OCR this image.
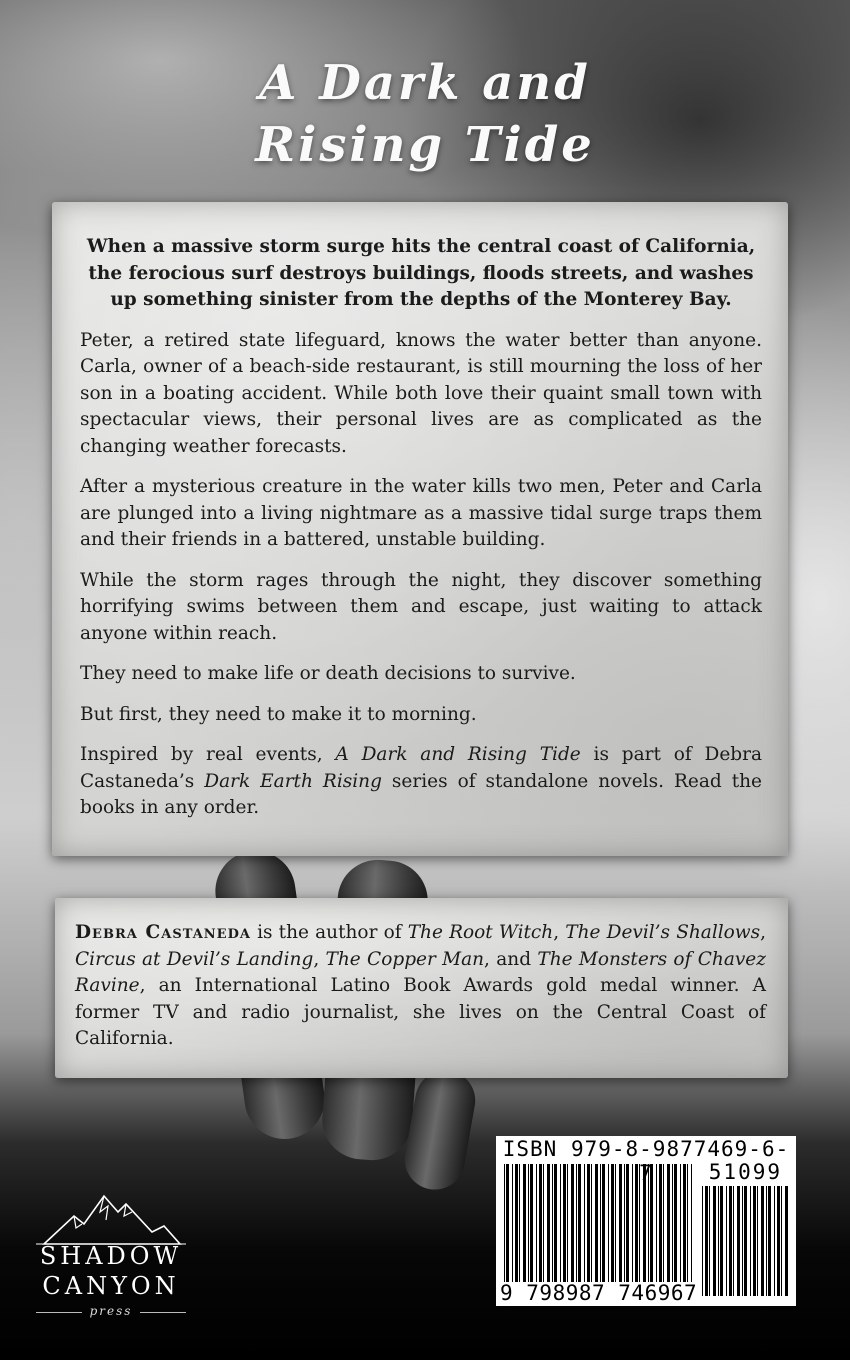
A Dark and
Rising Tide

When a massive storm surge hits the central coast of California, the ferocious surf destroys buildings, floods streets, and washes up something sinister from the depths of the Monterey Bay.

Peter, a retired state lifeguard, knows the water better than anyone. Carla, owner of a beach-side restaurant, is still mourning the loss of her son in a boating accident. While both love their quaint small town with spectacular views, their personal lives are as complicated as the changing weather forecasts.

After a mysterious creature in the water kills two men, Peter and Carla are plunged into a living nightmare as a massive tidal surge traps them and their friends in a battered, unstable building.

While the storm rages through the night, they discover something horrifying swims between them and escape, just waiting to attack anyone within reach.

They need to make life or death decisions to survive.

But first, they need to make it to morning.

Inspired by real events, A Dark and Rising Tide is part of Debra Castaneda’s Dark Earth Rising series of standalone novels. Read the books in any order.

Debra Castaneda is the author of The Root Witch, The Devil’s Shallows, Circus at Devil’s Landing, The Copper Man, and The Monsters of Chavez Ravine, an International Latino Book Awards gold medal winner. A former TV and radio journalist, she lives on the Central Coast of California.

ISBN 979-8-9877469-6-7	51099
9 798987 746967
SHADOW
CANYON
press
